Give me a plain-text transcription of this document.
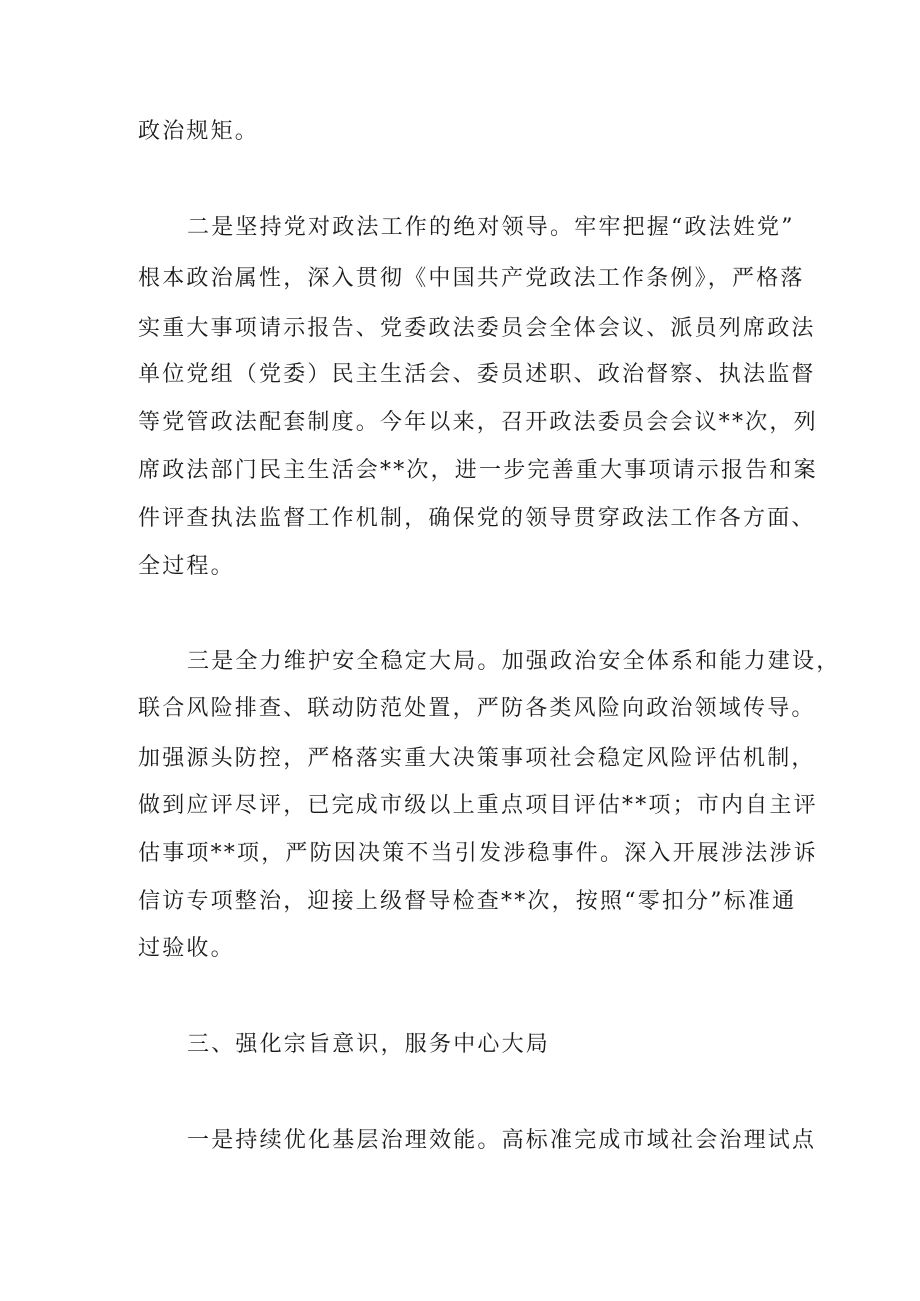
政治规矩。
二是坚持党对政法工作的绝对领导。牢牢把握“政法姓党”
根本政治属性，深入贯彻《中国共产党政法工作条例》，严格落
实重大事项请示报告、党委政法委员会全体会议、派员列席政法
单位党组（党委）民主生活会、委员述职、政治督察、执法监督
等党管政法配套制度。今年以来，召开政法委员会会议**次，列
席政法部门民主生活会**次，进一步完善重大事项请示报告和案
件评查执法监督工作机制，确保党的领导贯穿政法工作各方面、
全过程。
三是全力维护安全稳定大局。加强政治安全体系和能力建设，
联合风险排查、联动防范处置，严防各类风险向政治领域传导。
加强源头防控，严格落实重大决策事项社会稳定风险评估机制，
做到应评尽评，已完成市级以上重点项目评估**项；市内自主评
估事项**项，严防因决策不当引发涉稳事件。深入开展涉法涉诉
信访专项整治，迎接上级督导检查**次，按照“零扣分”标准通
过验收。
三、强化宗旨意识，服务中心大局
一是持续优化基层治理效能。高标准完成市域社会治理试点
